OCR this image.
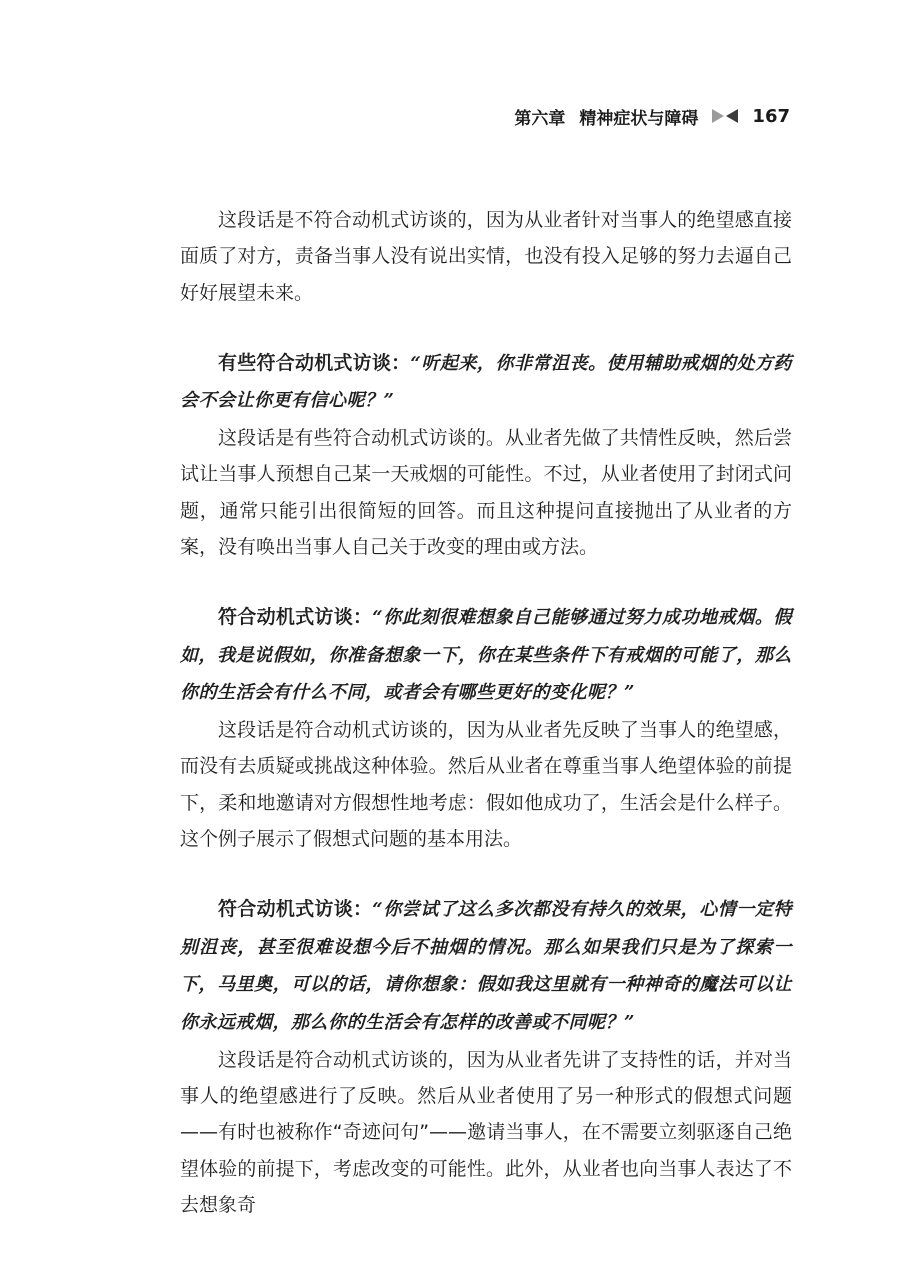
第六章 精神症状与障碍	167

这段话是不符合动机式访谈的，因为从业者针对当事人的绝望感直接面质了对方，责备当事人没有说出实情，也没有投入足够的努力去逼自己好好展望未来。

有些符合动机式访谈：“听起来，你非常沮丧。使用辅助戒烟的处方药会不会让你更有信心呢？”

这段话是有些符合动机式访谈的。从业者先做了共情性反映，然后尝试让当事人预想自己某一天戒烟的可能性。不过，从业者使用了封闭式问题，通常只能引出很简短的回答。而且这种提问直接抛出了从业者的方案，没有唤出当事人自己关于改变的理由或方法。

符合动机式访谈：“你此刻很难想象自己能够通过努力成功地戒烟。假如，我是说假如，你准备想象一下，你在某些条件下有戒烟的可能了，那么你的生活会有什么不同，或者会有哪些更好的变化呢？”

这段话是符合动机式访谈的，因为从业者先反映了当事人的绝望感，而没有去质疑或挑战这种体验。然后从业者在尊重当事人绝望体验的前提下，柔和地邀请对方假想性地考虑：假如他成功了，生活会是什么样子。这个例子展示了假想式问题的基本用法。

符合动机式访谈：“你尝试了这么多次都没有持久的效果，心情一定特别沮丧，甚至很难设想今后不抽烟的情况。那么如果我们只是为了探索一下，马里奥，可以的话，请你想象：假如我这里就有一种神奇的魔法可以让你永远戒烟，那么你的生活会有怎样的改善或不同呢？”

这段话是符合动机式访谈的，因为从业者先讲了支持性的话，并对当事人的绝望感进行了反映。然后从业者使用了另一种形式的假想式问题——有时也被称作“奇迹问句”——邀请当事人，在不需要立刻驱逐自己绝望体验的前提下，考虑改变的可能性。此外，从业者也向当事人表达了不去想象奇
